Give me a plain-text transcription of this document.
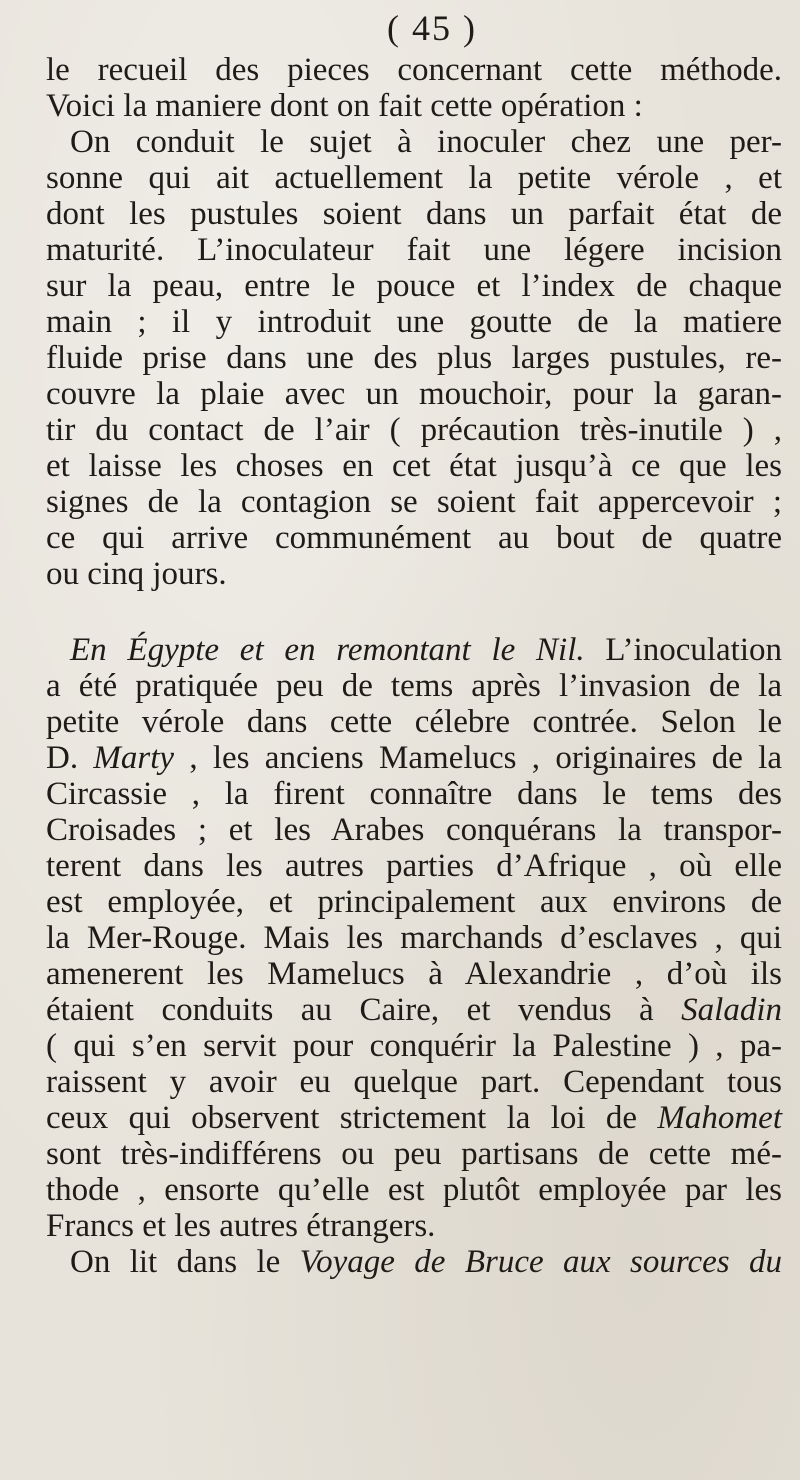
( 45 )
le recueil des pieces concernant cette méthode.
Voici la maniere dont on fait cette opération :
On conduit le sujet à inoculer chez une per-
sonne qui ait actuellement la petite vérole , et
dont les pustules soient dans un parfait état de
maturité. L’inoculateur fait une légere incision
sur la peau, entre le pouce et l’index de chaque
main ; il y introduit une goutte de la matiere
fluide prise dans une des plus larges pustules, re-
couvre la plaie avec un mouchoir, pour la garan-
tir du contact de l’air ( précaution très-inutile ) ,
et laisse les choses en cet état jusqu’à ce que les
signes de la contagion se soient fait appercevoir ;
ce qui arrive communément au bout de quatre
ou cinq jours.
En Égypte et en remontant le Nil. L’inoculation
a été pratiquée peu de tems après l’invasion de la
petite vérole dans cette célebre contrée. Selon le
D. Marty , les anciens Mamelucs , originaires de la
Circassie , la firent connaître dans le tems des
Croisades ; et les Arabes conquérans la transpor-
terent dans les autres parties d’Afrique , où elle
est employée, et principalement aux environs de
la Mer-Rouge. Mais les marchands d’esclaves , qui
amenerent les Mamelucs à Alexandrie , d’où ils
étaient conduits au Caire, et vendus à Saladin
( qui s’en servit pour conquérir la Palestine ) , pa-
raissent y avoir eu quelque part. Cependant tous
ceux qui observent strictement la loi de Mahomet
sont très-indifférens ou peu partisans de cette mé-
thode , ensorte qu’elle est plutôt employée par les
Francs et les autres étrangers.
On lit dans le Voyage de Bruce aux sources du
